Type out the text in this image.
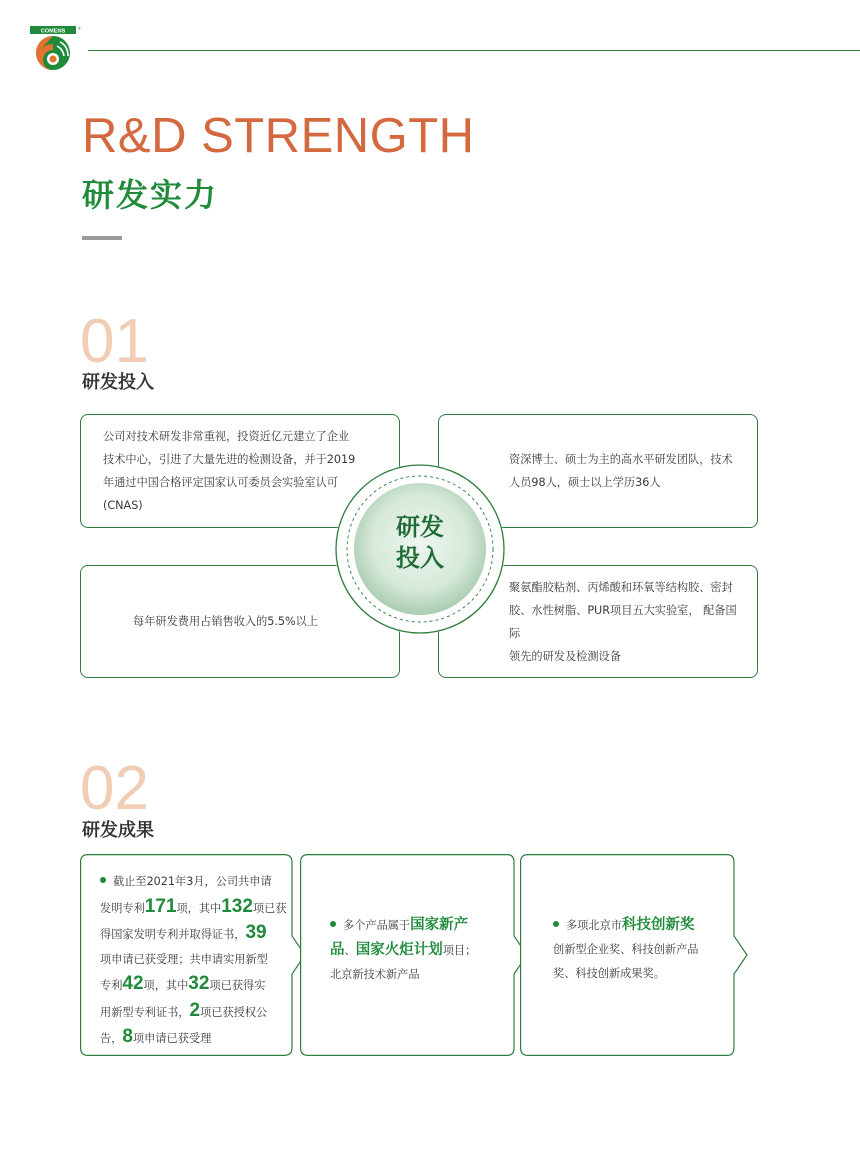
COMENS	®
R&D STRENGTH
研发实力
01
研发投入

公司对技术研发非常重视，投资近亿元建立了企业

技术中心，引进了大量先进的检测设备，并于2019

年通过中国合格评定国家认可委员会实验室认可

(CNAS)

资深博士、硕士为主的高水平研发团队，技术

人员98人，硕士以上学历36人

每年研发费用占销售收入的5.5%以上

聚氨酯胶粘剂、丙烯酸和环氧等结构胶、密封

胶、水性树脂、PUR项目五大实验室， 配备国际

领先的研发及检测设备

研发
投入
02
研发成果
截止至2021年3月，公司共申请
发明专利171项，其中132项已获
得国家发明专利并取得证书，39
项申请已获受理；共申请实用新型
专利42项，其中32项已获得实
用新型专利证书，2项已获授权公
告，8项申请已获受理
多个产品属于国家新产
品、国家火炬计划项目；
北京新技术新产品
多项北京市科技创新奖
创新型企业奖、科技创新产品
奖、科技创新成果奖。
